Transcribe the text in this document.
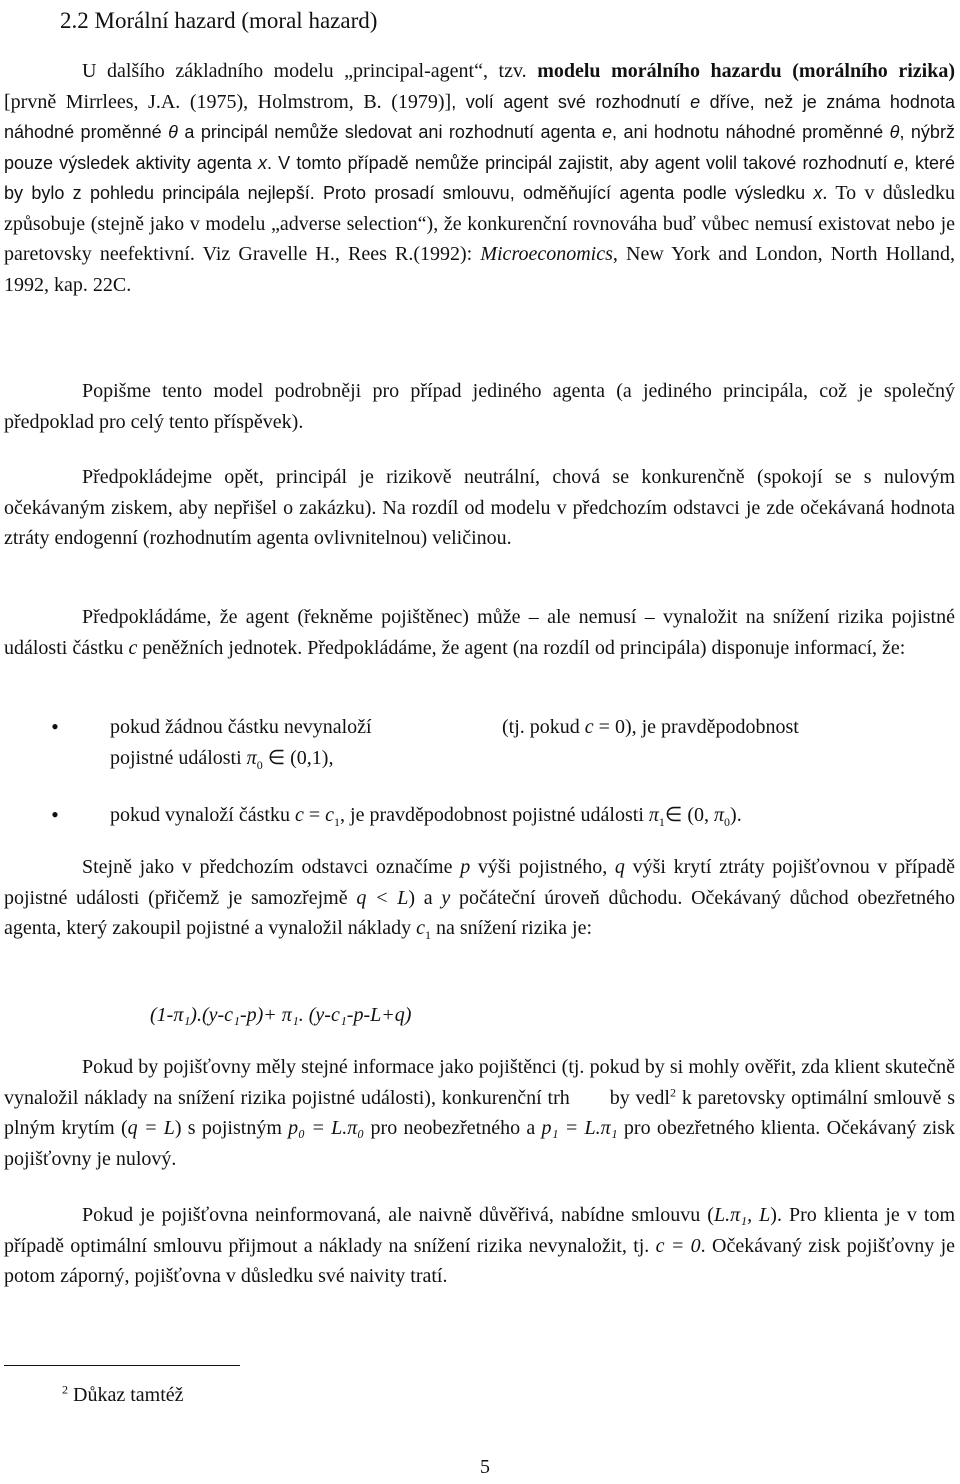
2.2 Morální hazard (moral hazard)

U dalšího základního modelu „principal-agent“, tzv. modelu morálního hazardu (morálního rizika) [prvně Mirrlees, J.A. (1975), Holmstrom, B. (1979)], volí agent své rozhodnutí e dříve, než je známa hodnota náhodné proměnné θ a principál nemůže sledovat ani rozhodnutí agenta e, ani hodnotu náhodné proměnné θ, nýbrž pouze výsledek aktivity agenta x. V tomto případě nemůže principál zajistit, aby agent volil takové rozhodnutí e, které by bylo z pohledu principála nejlepší. Proto prosadí smlouvu, odměňující agenta podle výsledku x. To v důsledku způsobuje (stejně jako v modelu „adverse selection“), že konkurenční rovnováha buď vůbec nemusí existovat nebo je paretovsky neefektivní. Viz Gravelle H., Rees R.(1992): Microeconomics, New York and London, North Holland, 1992, kap. 22C.

Popišme tento model podrobněji pro případ jediného agenta (a jediného principála, což je společný předpoklad pro celý tento příspěvek).

Předpokládejme opět, principál je rizikově neutrální, chová se konkurenčně (spokojí se s nulovým očekávaným ziskem, aby nepřišel o zakázku). Na rozdíl od modelu v předchozím odstavci je zde očekávaná hodnota ztráty endogenní (rozhodnutím agenta ovlivnitelnou) veličinou.

Předpokládáme, že agent (řekněme pojištěnec) může – ale nemusí – vynaložit na snížení rizika pojistné události částku c peněžních jednotek. Předpokládáme, že agent (na rozdíl od principála) disponuje informací, že:

•	pokud žádnou částku nevynaloží
pojistné události $\pi_0$ ∈ (0,1),(tj. pokud c = 0), je pravděpodobnost
•	pokud vynaloží částku $c = c_1$, je pravděpodobnost pojistné události $\pi_1\in$ (0, $\pi_0$).

Stejně jako v předchozím odstavci označíme p výši pojistného, q výši krytí ztráty pojišťovnou v případě pojistné události (přičemž je samozřejmě q < L) a y počáteční úroveň důchodu. Očekávaný důchod obezřetného agenta, který zakoupil pojistné a vynaložil náklady $c_1$ na snížení rizika je:

(1-π₁).(y-c₁-p)+ π₁. (y-c₁-p-L+q)

Pokud by pojišťovny měly stejné informace jako pojištěnci (tj. pokud by si mohly ověřit, zda klient skutečně vynaložil náklady na snížení rizika pojistné události), konkurenční trh by vedl$^2$ k paretovsky optimální smlouvě s plným krytím (q = L) s pojistným p₀ = L.π₀ pro neobezřetného a p₁ = L.π₁ pro obezřetného klienta. Očekávaný zisk pojišťovny je nulový.

Pokud je pojišťovna neinformovaná, ale naivně důvěřivá, nabídne smlouvu (L.π₁, L). Pro klienta je v tom případě optimální smlouvu přijmout a náklady na snížení rizika nevynaložit, tj. c = 0. Očekávaný zisk pojišťovny je potom záporný, pojišťovna v důsledku své naivity tratí.

$^2$ Důkaz tamtéž
5
